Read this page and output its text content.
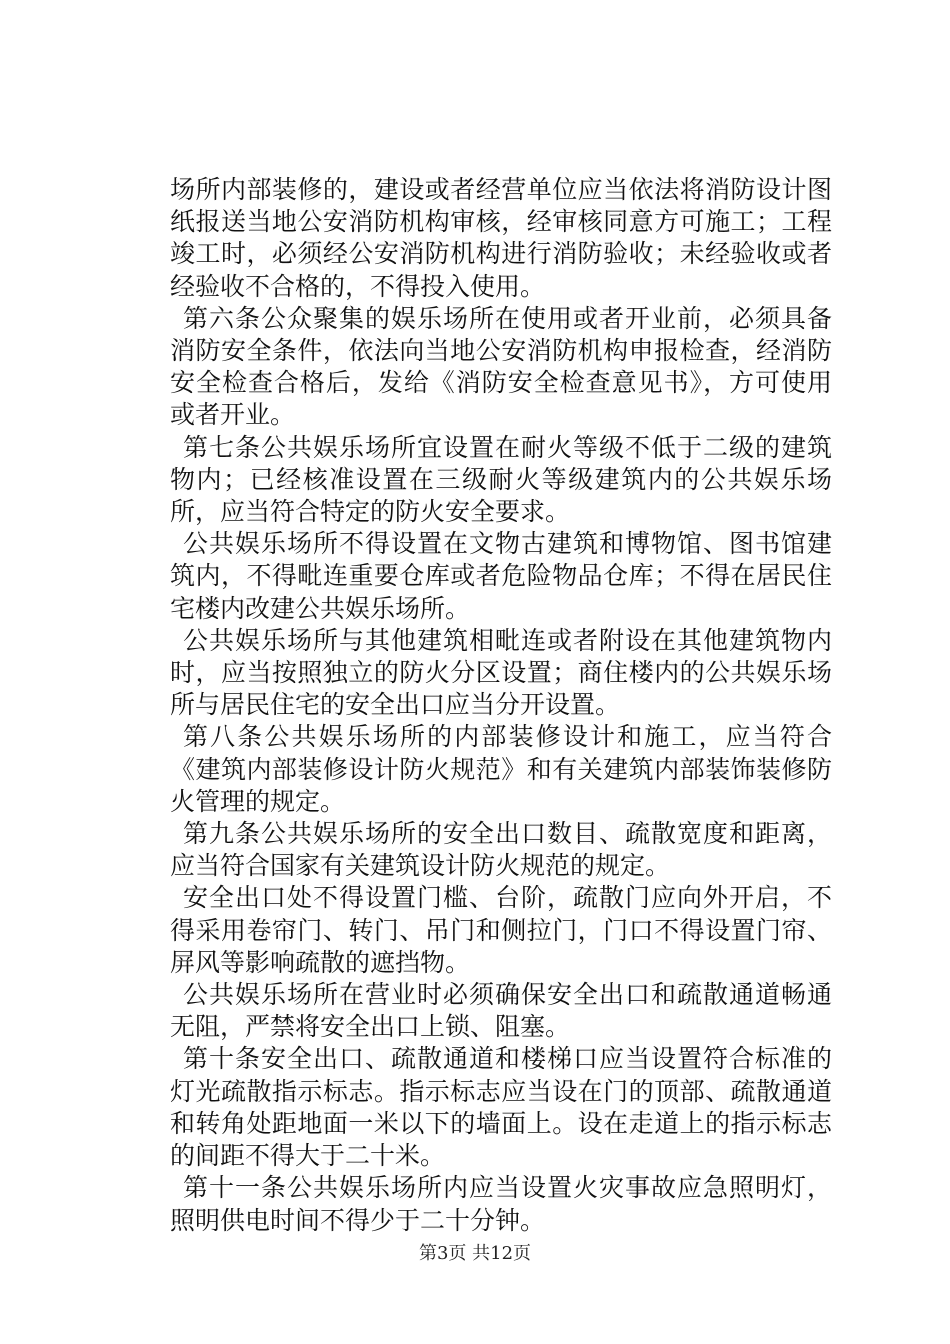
场所内部装修的，建设或者经营单位应当依法将消防设计图纸报送当地公安消防机构审核，经审核同意方可施工；工程竣工时，必须经公安消防机构进行消防验收；未经验收或者经验收不合格的，不得投入使用。

第六条公众聚集的娱乐场所在使用或者开业前，必须具备消防安全条件，依法向当地公安消防机构申报检查，经消防安全检查合格后，发给《消防安全检查意见书》，方可使用或者开业。

第七条公共娱乐场所宜设置在耐火等级不低于二级的建筑物内；已经核准设置在三级耐火等级建筑内的公共娱乐场所，应当符合特定的防火安全要求。

公共娱乐场所不得设置在文物古建筑和博物馆、图书馆建筑内，不得毗连重要仓库或者危险物品仓库；不得在居民住宅楼内改建公共娱乐场所。

公共娱乐场所与其他建筑相毗连或者附设在其他建筑物内时，应当按照独立的防火分区设置；商住楼内的公共娱乐场所与居民住宅的安全出口应当分开设置。

第八条公共娱乐场所的内部装修设计和施工，应当符合《建筑内部装修设计防火规范》和有关建筑内部装饰装修防火管理的规定。

第九条公共娱乐场所的安全出口数目、疏散宽度和距离，应当符合国家有关建筑设计防火规范的规定。

安全出口处不得设置门槛、台阶，疏散门应向外开启，不得采用卷帘门、转门、吊门和侧拉门，门口不得设置门帘、屏风等影响疏散的遮挡物。

公共娱乐场所在营业时必须确保安全出口和疏散通道畅通无阻，严禁将安全出口上锁、阻塞。

第十条安全出口、疏散通道和楼梯口应当设置符合标准的灯光疏散指示标志。指示标志应当设在门的顶部、疏散通道和转角处距地面一米以下的墙面上。设在走道上的指示标志的间距不得大于二十米。

第十一条公共娱乐场所内应当设置火灾事故应急照明灯，照明供电时间不得少于二十分钟。

第3页 共12页
